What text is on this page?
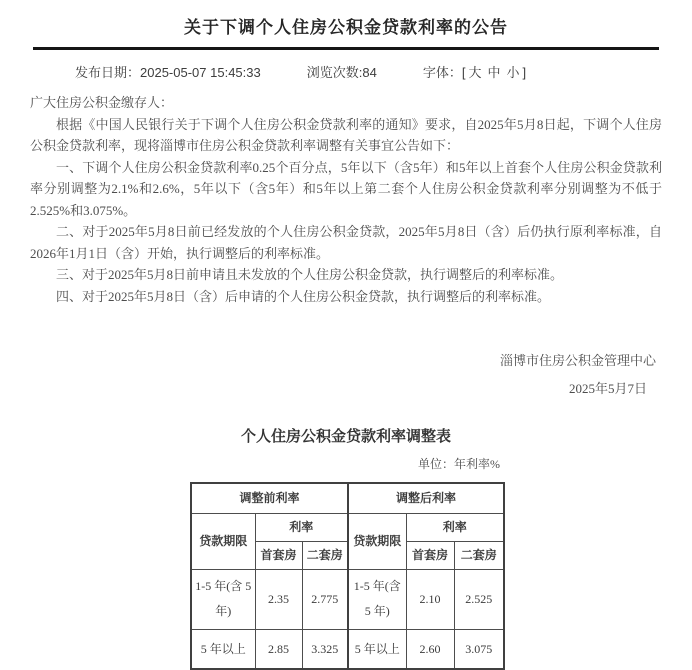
关于下调个人住房公积金贷款利率的公告
发布日期：2025-05-07 15:45:33	浏览次数:84	字体：[ 大 中 小 ]

广大住房公积金缴存人：

根据《中国人民银行关于下调个人住房公积金贷款利率的通知》要求，自2025年5月8日起，下调个人住房公积金贷款利率，现将淄博市住房公积金贷款利率调整有关事宜公告如下：

一、下调个人住房公积金贷款利率0.25个百分点，5年以下（含5年）和5年以上首套个人住房公积金贷款利率分别调整为2.1%和2.6%，5年以下（含5年）和5年以上第二套个人住房公积金贷款利率分别调整为不低于2.525%和3.075%。

二、对于2025年5月8日前已经发放的个人住房公积金贷款，2025年5月8日（含）后仍执行原利率标准，自2026年1月1日（含）开始，执行调整后的利率标准。

三、对于2025年5月8日前申请且未发放的个人住房公积金贷款，执行调整后的利率标准。

四、对于2025年5月8日（含）后申请的个人住房公积金贷款，执行调整后的利率标准。

淄博市住房公积金管理中心

2025年5月7日

个人住房公积金贷款利率调整表
单位：年利率%
调整前利率			调整后利率		
贷款期限	利率		贷款期限	利率	
	首套房	二套房		首套房	二套房
1-5 年(含 5 年)	2.35	2.775	1-5 年(含 5 年)	2.10	2.525
5 年以上	2.85	3.325	5 年以上	2.60	3.075
